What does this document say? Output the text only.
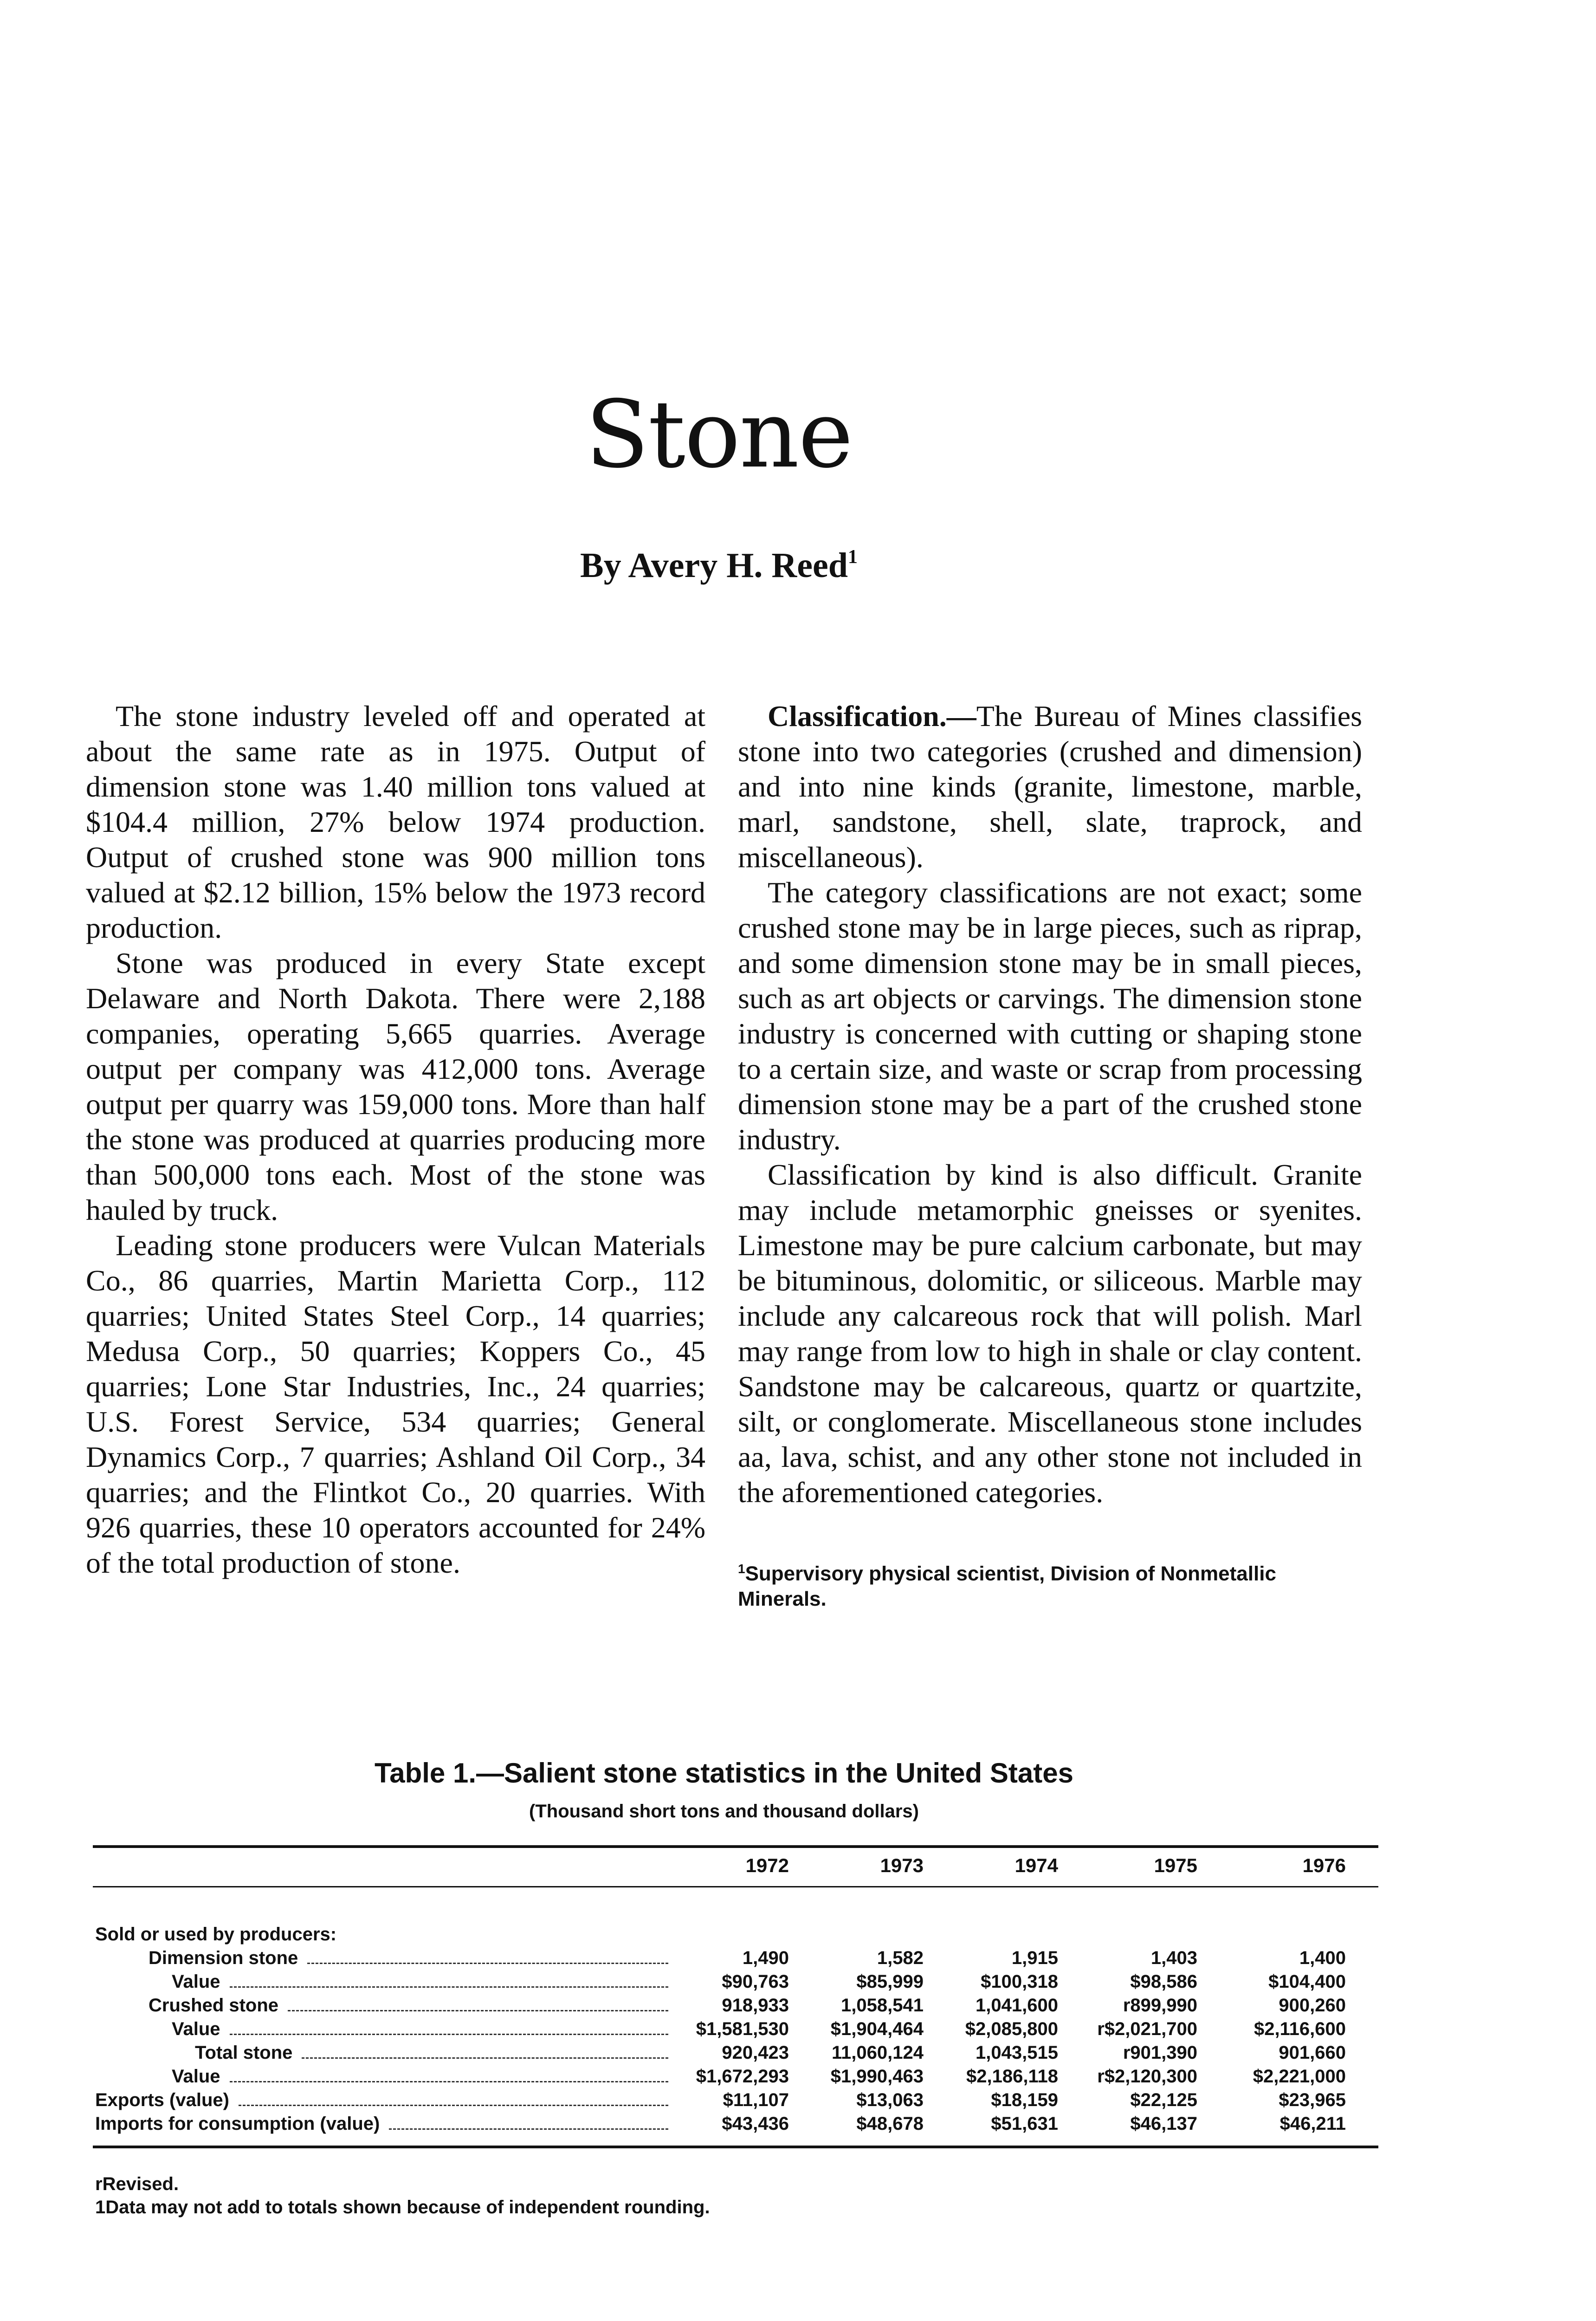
Stone
By Avery H. Reed$^1$

The stone industry leveled off and operated at about the same rate as in 1975. Output of dimension stone was 1.40 million tons valued at $104.4 million, 27% below 1974 production. Output of crushed stone was 900 million tons valued at $2.12 billion, 15% below the 1973 record production.

Stone was produced in every State except Delaware and North Dakota. There were 2,188 companies, operating 5,665 quarries. Average output per company was 412,000 tons. Average output per quarry was 159,000 tons. More than half the stone was produced at quarries producing more than 500,000 tons each. Most of the stone was hauled by truck.

Leading stone producers were Vulcan Materials Co., 86 quarries, Martin Marietta Corp., 112 quarries; United States Steel Corp., 14 quarries; Medusa Corp., 50 quarries; Koppers Co., 45 quarries; Lone Star Industries, Inc., 24 quarries; U.S. Forest Service, 534 quarries; General Dynamics Corp., 7 quarries; Ashland Oil Corp., 34 quarries; and the Flintkot Co., 20 quarries. With 926 quarries, these 10 operators accounted for 24% of the total production of stone.

Classification.—The Bureau of Mines classifies stone into two categories (crushed and dimension) and into nine kinds (granite, limestone, marble, marl, sandstone, shell, slate, traprock, and miscellaneous).

The category classifications are not exact; some crushed stone may be in large pieces, such as riprap, and some dimension stone may be in small pieces, such as art objects or carvings. The dimension stone industry is concerned with cutting or shaping stone to a certain size, and waste or scrap from processing dimension stone may be a part of the crushed stone industry.

Classification by kind is also difficult. Granite may include metamorphic gneisses or syenites. Limestone may be pure calcium carbonate, but may be bituminous, dolomitic, or siliceous. Marble may include any calcareous rock that will polish. Marl may range from low to high in shale or clay content. Sandstone may be calcareous, quartz or quartzite, silt, or conglomerate. Miscellaneous stone includes aa, lava, schist, and any other stone not included in the aforementioned categories.

$^1$Supervisory physical scientist, Division of Nonmetallic Minerals.
Table 1.—Salient stone statistics in the United States
(Thousand short tons and thousand dollars)
1972	1973	1974	1975	1976
Sold or used by producers:
Dimension stone	1,490	1,582	1,915	1,403	1,400
Value	$90,763	$85,999	$100,318	$98,586	$104,400
Crushed stone	918,933	1,058,541	1,041,600	r899,990	900,260
Value	$1,581,530	$1,904,464	$2,085,800	r$2,021,700	$2,116,600
Total stone	920,423	11,060,124	1,043,515	r901,390	901,660
Value	$1,672,293	$1,990,463	$2,186,118	r$2,120,300	$2,221,000
Exports (value)	$11,107	$13,063	$18,159	$22,125	$23,965
Imports for consumption (value)	$43,436	$48,678	$51,631	$46,137	$46,211
rRevised.
1Data may not add to totals shown because of independent rounding.
